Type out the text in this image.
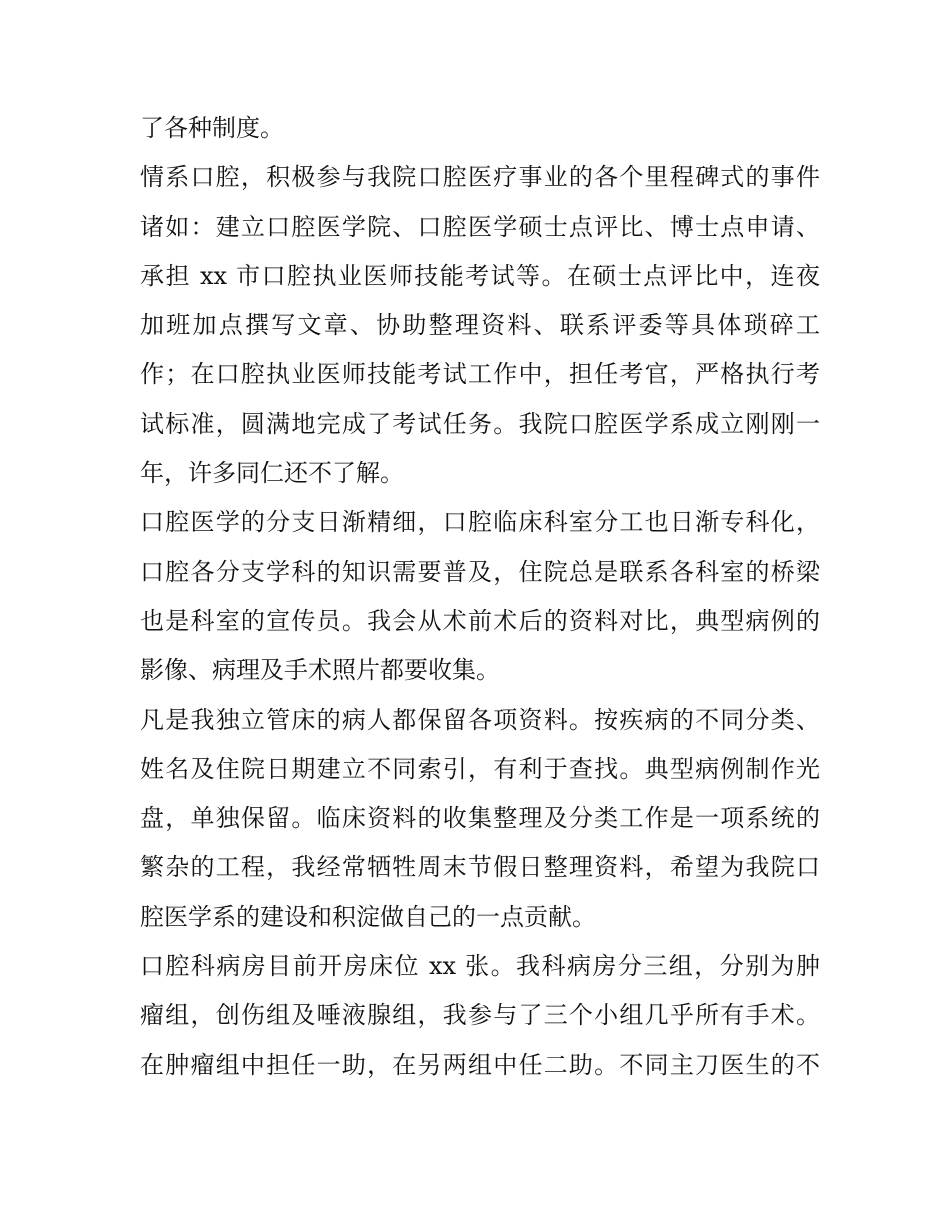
了各种制度。
情系口腔，积极参与我院口腔医疗事业的各个里程碑式的事件
诸如：建立口腔医学院、口腔医学硕士点评比、博士点申请、
承担 xx 市口腔执业医师技能考试等。在硕士点评比中，连夜
加班加点撰写文章、协助整理资料、联系评委等具体琐碎工
作；在口腔执业医师技能考试工作中，担任考官，严格执行考
试标准，圆满地完成了考试任务。我院口腔医学系成立刚刚一
年，许多同仁还不了解。
口腔医学的分支日渐精细，口腔临床科室分工也日渐专科化，
口腔各分支学科的知识需要普及，住院总是联系各科室的桥梁
也是科室的宣传员。我会从术前术后的资料对比，典型病例的
影像、病理及手术照片都要收集。
凡是我独立管床的病人都保留各项资料。按疾病的不同分类、
姓名及住院日期建立不同索引，有利于查找。典型病例制作光
盘，单独保留。临床资料的收集整理及分类工作是一项系统的
繁杂的工程，我经常牺牲周末节假日整理资料，希望为我院口
腔医学系的建设和积淀做自己的一点贡献。
口腔科病房目前开房床位 xx 张。我科病房分三组，分别为肿
瘤组，创伤组及唾液腺组，我参与了三个小组几乎所有手术。
在肿瘤组中担任一助，在另两组中任二助。不同主刀医生的不
